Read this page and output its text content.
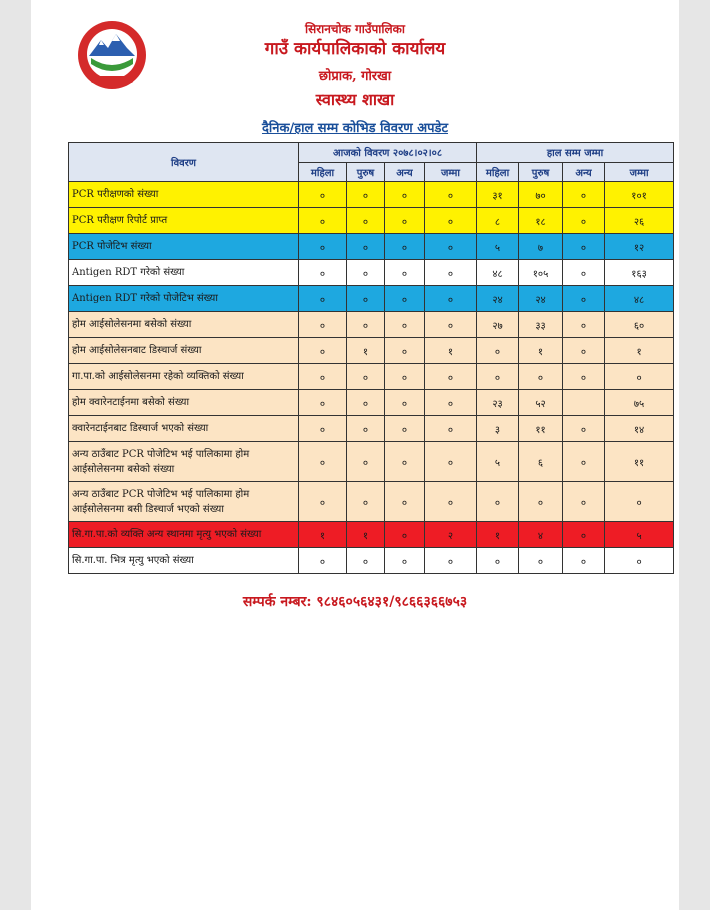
सिरानचोक गाउँपालिका
गाउँ कार्यपालिकाको कार्यालय
छोप्राक, गोरखा
स्वास्थ्य शाखा
दैनिक/हाल सम्म कोभिड विवरण अपडेट
विवरण	आजको विवरण २०७८।०२।०८				हाल सम्म जम्मा			
	महिला	पुरुष	अन्य	जम्मा	महिला	पुरुष	अन्य	जम्मा
PCR परीक्षणको संख्या	०	०	०	०	३१	७०	०	१०१
PCR परीक्षण रिपोर्ट प्राप्त	०	०	०	०	८	१८	०	२६
PCR पोजेटिभ संख्या	०	०	०	०	५	७	०	१२
Antigen RDT गरेको संख्या	०	०	०	०	४८	१०५	०	१६३
Antigen RDT गरेको पोजेटिभ संख्या	०	०	०	०	२४	२४	०	४८
होम आईसोलेसनमा बसेको संख्या	०	०	०	०	२७	३३	०	६०
होम आईसोलेसनबाट डिस्चार्ज संख्या	०	१	०	१	०	१	०	१
गा.पा.को आईसोलेसनमा रहेको व्यक्तिको संख्या	०	०	०	०	०	०	०	०
होम क्वारेनटाईनमा बसेको संख्या	०	०	०	०	२३	५२		७५
क्वारेनटाईनबाट डिस्चार्ज भएको संख्या	०	०	०	०	३	११	०	१४
अन्य ठाउँबाट PCR पोजेटिभ भई पालिकामा होम आईसोलेसनमा बसेको संख्या	०	०	०	०	५	६	०	११
अन्य ठाउँबाट PCR पोजेटिभ भई पालिकामा होम आईसोलेसनमा बसी डिस्चार्ज भएको संख्या	०	०	०	०	०	०	०	०
सि.गा.पा.को व्यक्ति अन्य स्थानमा मृत्यु भएको संख्या	१	१	०	२	१	४	०	५
सि.गा.पा. भित्र मृत्यु भएको संख्या	०	०	०	०	०	०	०	०
सम्पर्क नम्बर: ९८४६०५६४३१/९८६६३६६७५३
